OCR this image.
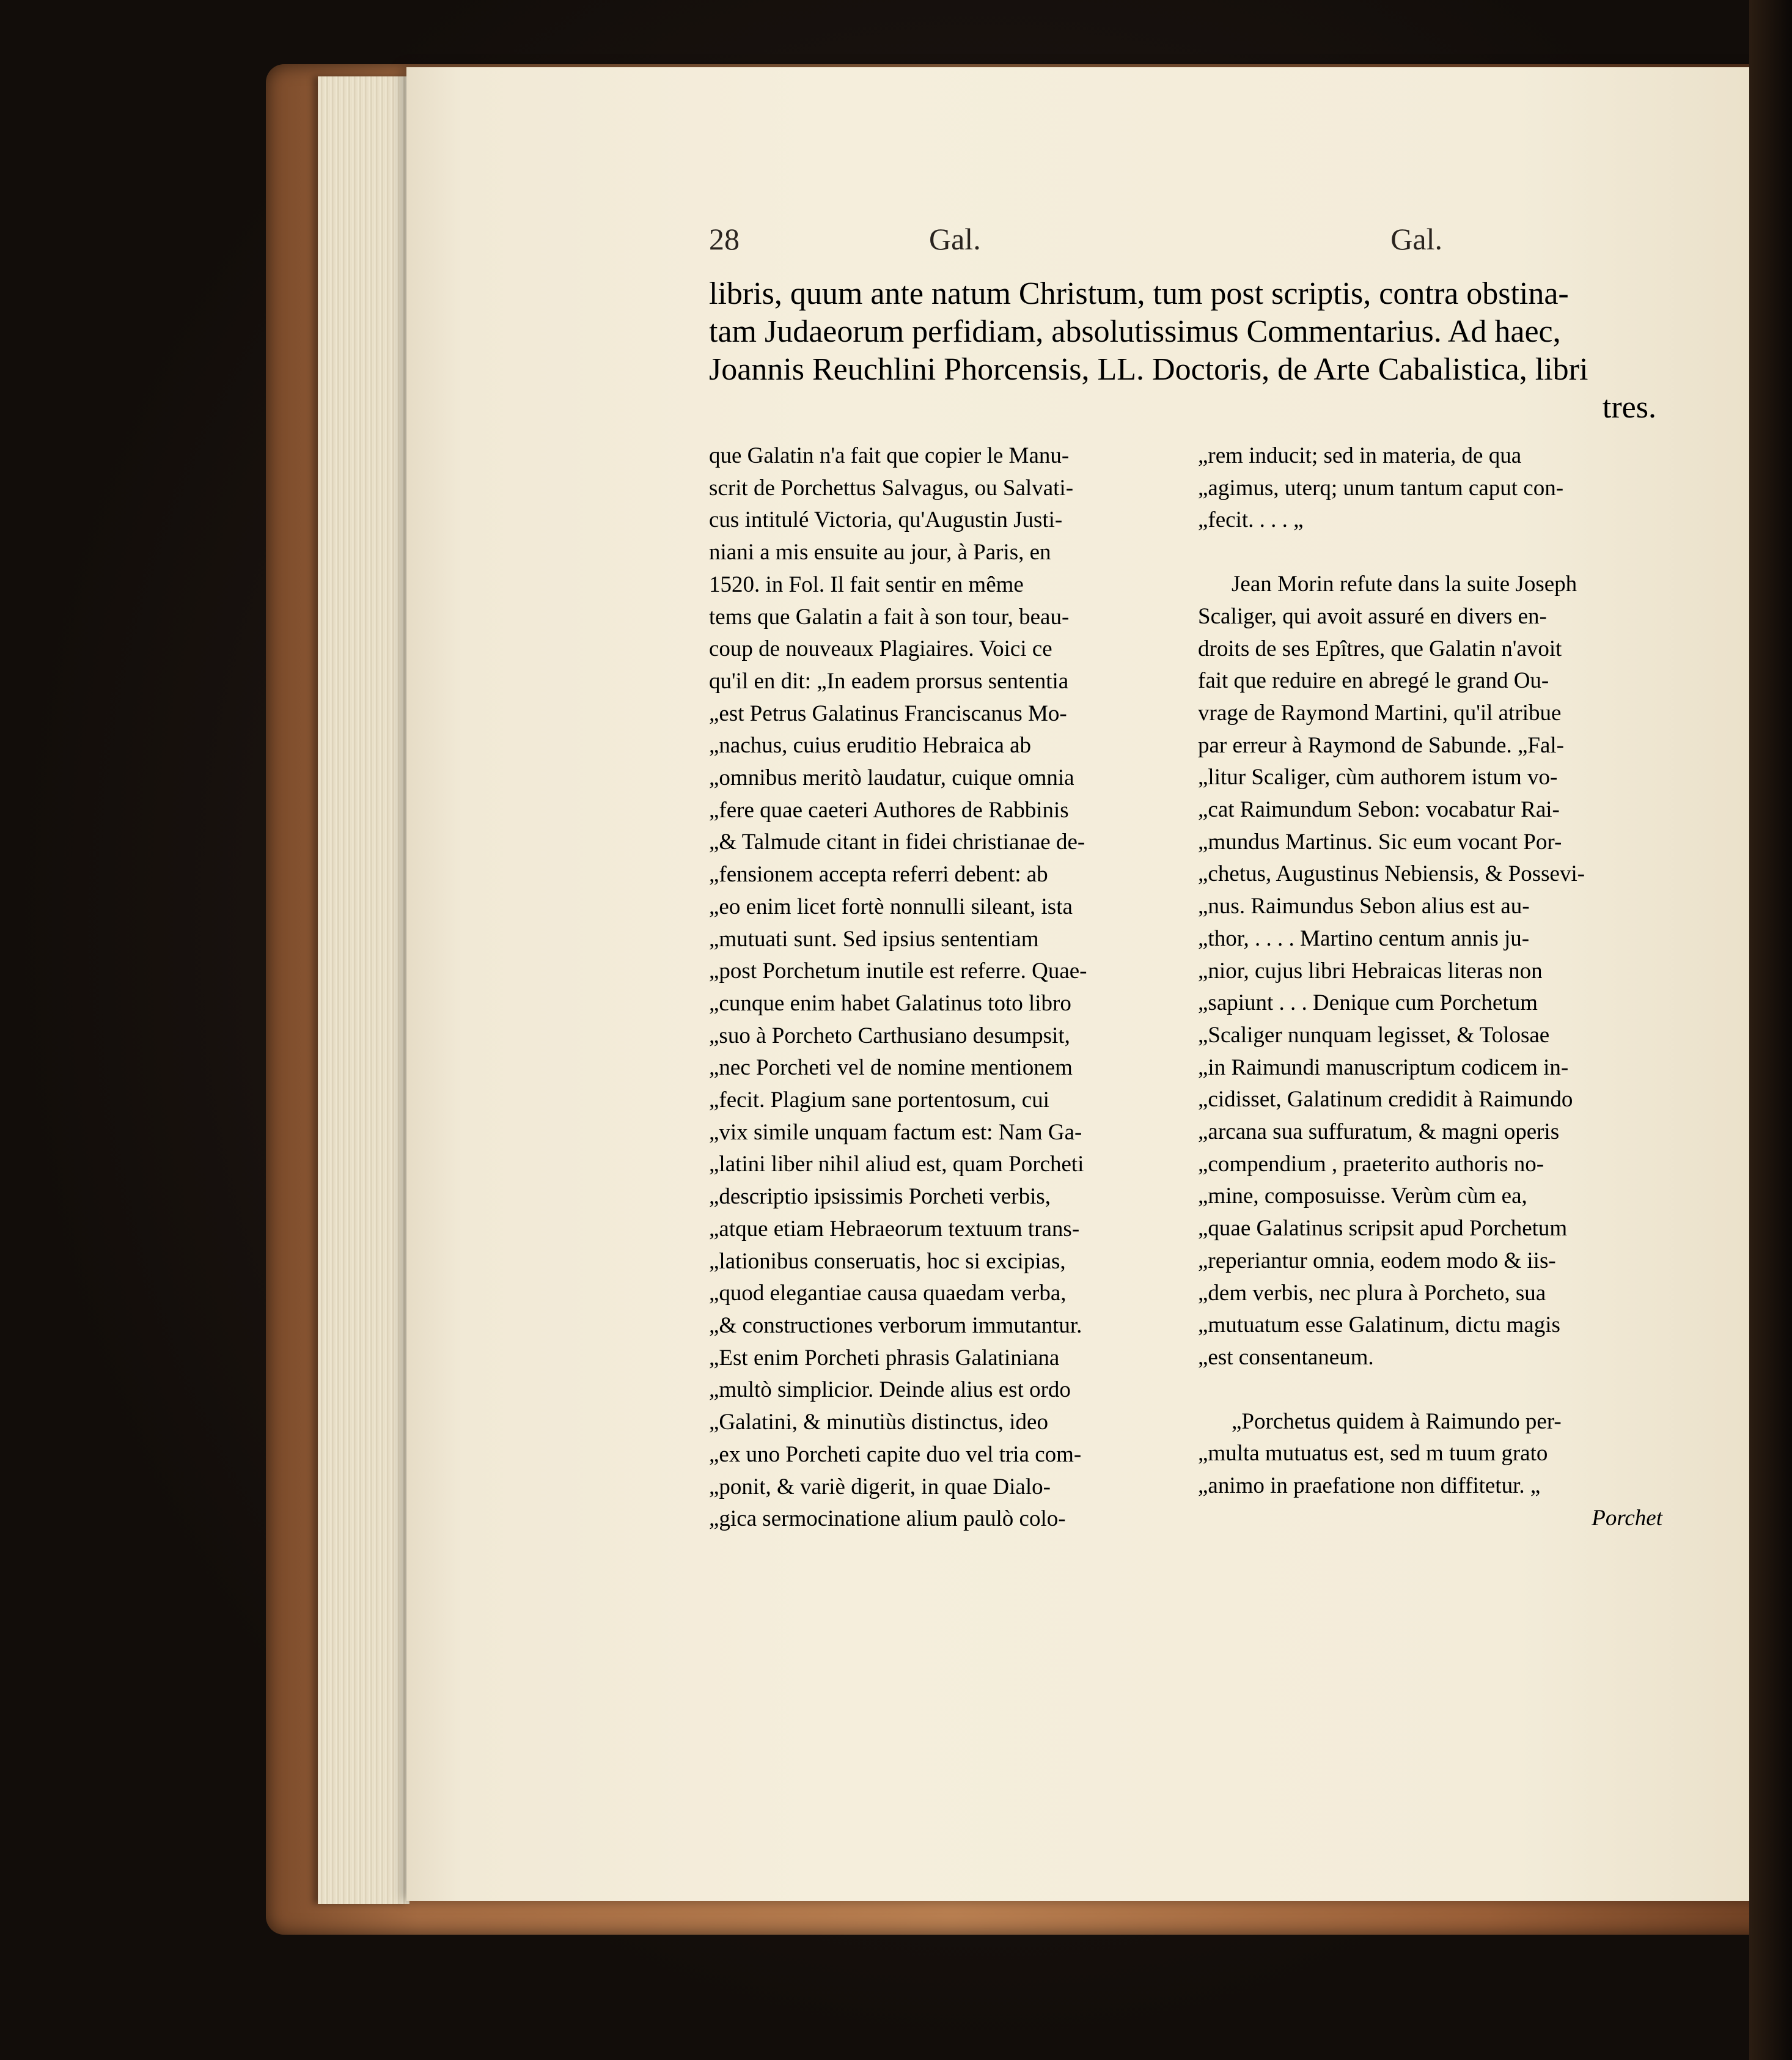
28	Gal.	Gal.

libris, quum ante natum Christum, tum post scriptis, contra obstina-

tam Judaeorum perfidiam, absolutissimus Commentarius. Ad haec,

Joannis Reuchlini Phorcensis, LL. Doctoris, de Arte Cabalistica, libri

tres.

que Galatin n'a fait que copier le Manu-

scrit de Porchettus Salvagus, ou Salvati-

cus intitulé Victoria, qu'Augustin Justi-

niani a mis ensuite au jour, à Paris, en

1520. in Fol. Il fait sentir en même

tems que Galatin a fait à son tour, beau-

coup de nouveaux Plagiaires. Voici ce

qu'il en dit: „In eadem prorsus sententia

„est Petrus Galatinus Franciscanus Mo-

„nachus, cuius eruditio Hebraica ab

„omnibus meritò laudatur, cuique omnia

„fere quae caeteri Authores de Rabbinis

„& Talmude citant in fidei christianae de-

„fensionem accepta referri debent: ab

„eo enim licet fortè nonnulli sileant, ista

„mutuati sunt. Sed ipsius sententiam

„post Porchetum inutile est referre. Quae-

„cunque enim habet Galatinus toto libro

„suo à Porcheto Carthusiano desumpsit,

„nec Porcheti vel de nomine mentionem

„fecit. Plagium sane portentosum, cui

„vix simile unquam factum est: Nam Ga-

„latini liber nihil aliud est, quam Porcheti

„descriptio ipsissimis Porcheti verbis,

„atque etiam Hebraeorum textuum trans-

„lationibus conseruatis, hoc si excipias,

„quod elegantiae causa quaedam verba,

„& constructiones verborum immutantur.

„Est enim Porcheti phrasis Galatiniana

„multò simplicior. Deinde alius est ordo

„Galatini, & minutiùs distinctus, ideo

„ex uno Porcheti capite duo vel tria com-

„ponit, & variè digerit, in quae Dialo-

„gica sermocinatione alium paulò colo-

„rem inducit; sed in materia, de qua

„agimus, uterq; unum tantum caput con-

„fecit. . . . „

Jean Morin refute dans la suite Joseph

Scaliger, qui avoit assuré en divers en-

droits de ses Epîtres, que Galatin n'avoit

fait que reduire en abregé le grand Ou-

vrage de Raymond Martini, qu'il atribue

par erreur à Raymond de Sabunde. „Fal-

„litur Scaliger, cùm authorem istum vo-

„cat Raimundum Sebon: vocabatur Rai-

„mundus Martinus. Sic eum vocant Por-

„chetus, Augustinus Nebiensis, & Possevi-

„nus. Raimundus Sebon alius est au-

„thor, . . . . Martino centum annis ju-

„nior, cujus libri Hebraicas literas non

„sapiunt . . . Denique cum Porchetum

„Scaliger nunquam legisset, & Tolosae

„in Raimundi manuscriptum codicem in-

„cidisset, Galatinum credidit à Raimundo

„arcana sua suffuratum, & magni operis

„compendium , praeterito authoris no-

„mine, composuisse. Verùm cùm ea,

„quae Galatinus scripsit apud Porchetum

„reperiantur omnia, eodem modo & iis-

„dem verbis, nec plura à Porcheto, sua

„mutuatum esse Galatinum, dictu magis

„est consentaneum.

„Porchetus quidem à Raimundo per-

„multa mutuatus est, sed m tuum grato

„animo in praefatione non diffitetur. „

Porchet
